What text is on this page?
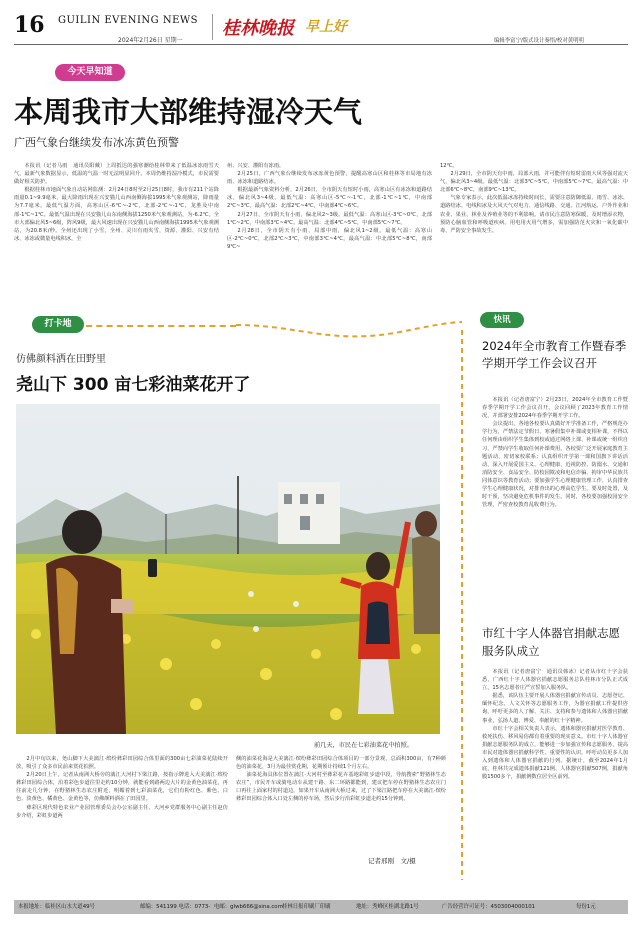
16 GUILIN EVENING NEWS
2024年2月26日 星期一
桂林晚报 早上好
编辑李富宁/版式设计秦悟/校对黄明明
今天早知道
本周我市大部维持湿冷天气
广西气象台继续发布冰冻黄色预警

本报讯（记者马雨　通讯员阳戴）上周抵达的强寒潮给桂林带来了低温冰冻雨雪天气，最新气象数据显示，低温的气温一时无法明显回升，本周仍维持湿冷模式，市民需要做好相关防护。

根据桂林市地面气象自动站网监测：2月24日8时至2月25日8时，我市有211个站降雨量0.1~9.9毫米，最大降雨出现在兴安猫儿山西南侧海拔1995米气象观测站，降雨量为7.7毫米。最低气温方面，高寒山区-6℃~-2℃，北部-2℃~-1℃，龙胜及中南部-1℃~1℃。最低气温出现在兴安猫儿山东南侧海拔1250米气象观测站，为-6.2℃。全市大部偏北风5~6级，阵风9级，最大风速出现在兴安猫儿山西南侧海拔1995米气象观测站，为20.8米/秒。全州还出现了小雪，全州、灵川有雨夹雪，资源、灌阳、兴安有结冰、冰冻或微量电线积冰，全

州、兴安、灌阳有冻雨。

2月25日，广西气象台继续发布冰冻黄色预警，提醒高寒山区和桂林等市局地有冻雨、冰冻和道路结冰。

根据最新气象资料分析，2月26日，全市阴天有短时小雨，高寒山区有冰冻和道路结冰，偏北风3~4级。最低气温：高寒山区-5℃~-1℃，北部-1℃~1℃，中南部2℃~3℃。最高气温：北部2℃~4℃，中南部4℃~6℃。

2月27日，全市阴天有小雨，偏北风2~3级。最低气温：高寒山区-3℃~0℃，北部1℃~2℃，中南部3℃~4℃。最高气温：北部4℃~5℃，中南部5℃~7℃。

2月28日，全市阴天有小雨，局部中雨，偏北风1~2级。最低气温：高寒山区-2℃~0℃，北部2℃~3℃，中南部3℃~4℃。最高气温：中北部5℃~8℃，南部9℃~

12℃。

2月29日，全市阴天有中雨，局部大雨，并可能伴有短时雷雨大风等强对流天气，偏北风3~4级。最低气温：北部3℃~5℃，中南部5℃~7℃。最高气温：中北部6℃~8℃，南部9℃~13℃。

气象专家表示，此次低温冰冻持续时间长，需要注意防御低温、雨雪、冰冻、道路结冰、电线积冰及大风天气对电力、通信线路、交通、江河航运、户外作业和农业、果业、林业及养殖业等的不利影响。请市民注意防寒保暖，及时增添衣物，预防心脑血管和呼吸道疾病。用电用火用气增多，需加强防范火灾和一氧化碳中毒，严防安全事故发生。

打卡地	快讯
仿佛颜料洒在田野里
尧山下 300 亩七彩油菜花开了
前几天，市民在七彩油菜花中拍照。

2月中旬以来，尧山脚下大美漓江·缤纷彝彩田园综合体里面的300亩七彩油菜花陆续开放，吸引了众多市民前来赏花拍照。

2月20日上午，记者从南洲大桥旁的漓江大河村下梁江路，按指示牌进入大美漓江·缤纷彝彩田园综合体，沿着彩色步道往里走约10分钟，就能看到路两边大片的金黄色油菜花，再往前走几分钟，在野猪林生态农庄附近，明媚着到七彩油菜花，它们有粉红色、紫色、白色、淡黄色、橘黄色、金黄色等，仿佛颜料洒在了田园里。

彝彩区现代特色农业产业园管理委员会办公室副主任、大河乡党群服务中心副主任赵仿步介绍，彩虹步道两

侧的油菜花海是大美漓江·缤纷彝彩田园综合体项目的一部分景观，总面积300亩，有7种颜色的油菜花，3月为最佳赏花期，花期预计持续1个月左右。

油菜花海具体位置在漓江·大河村至彝彩花卉基地彩虹步道中段，导航搜索“野猪林生态农庄”，市民开车或骑电动车从建干路、东二环路都能到，建议把车停在野猪林生态农庄门口再往上面家村的村道边。如果开车从南洲大桥过来，过了下梁江路把车停在大美漓江·缤纷彝彩田园综合体入口处左侧的停车场，然后步行沿彩虹步道走约15分钟到。

记者邢刚　文/摄
2024年全市教育工作暨春季学期开学工作会议召开

本报讯（记者唐富宁）2月23日，2024年全市教育工作暨春季学期开学工作会议召开，会议回顾了2023年教育工作情况，并部署安排2024年春季学期开学工作。

会议提出，各地各校要认真做好开学准备工作，严格规范办学行为，严禁法定节假日、寒暑假集中补课或变相补课，不得以任何理由组织学生集体到校或通过网络上课、补课或统一组织自习，严禁向学生收取任何补课费用。各校要广泛开展家庭教育主题活动，密切家校联系；认真组织开学第一课和国旗下讲话活动，深入开展爱国主义、心理健康、近视防控、防溺水、交通和消防安全、食品安全、防校园欺凌和电信诈骗、拘审中华民族共同体意识等教育活动；要加强学生心理健康管理工作，认真排查学生心理健康状况，对排查出的心理高危学生，要及时处置，及时干预，坚决避免危机事件的发生。同时，各校要加强校园安全管理，严密查校教育乱收费行为。

市红十字人体器官捐献志愿服务队成立

本报讯（记者唐富宁　通讯员韩冰）记者从市红十字会获悉，广西红十字人体器官捐献志愿服务总队桂林市分队正式成立，15名志愿者庄严宣誓加入服务队。

据悉，该队伍主要开展人体器官捐献宣传动员、志愿登记、缅怀纪念、人文关怀等志愿服务工作，为器官捐献工作提供咨询，呼吁更多的人了解、关注、支持和参与遗体和人体器官捐献事业，弘扬人道、博爱、奉献的红十字精神。

市红十字会相关负责人表示，遗体和器官捐献对医学教育、救死扶伤、移风易俗都有着重要的现实意义。市红十字人体器官捐献志愿服务队的成立，能够进一步加强宣传和志愿服务，提高市民对遗体器官捐献科学性、重要性的认识，呼吁动员更多人加入到遗体和人体器官捐献的行列。据统计，截至2024年1月底，桂林共完成遗体捐献121例、人体器官捐献507例，捐献角膜1500多个，捐献例数位居全区前列。

本报地址：临桂区山水大道49号	邮编：541199 电话：0773- 电邮：glwb666@sina.com 桂林日报印刷厂印刷	地址：秀峰区桂湖北路1号	广告经营许可证号：4503004000101	每份1元
